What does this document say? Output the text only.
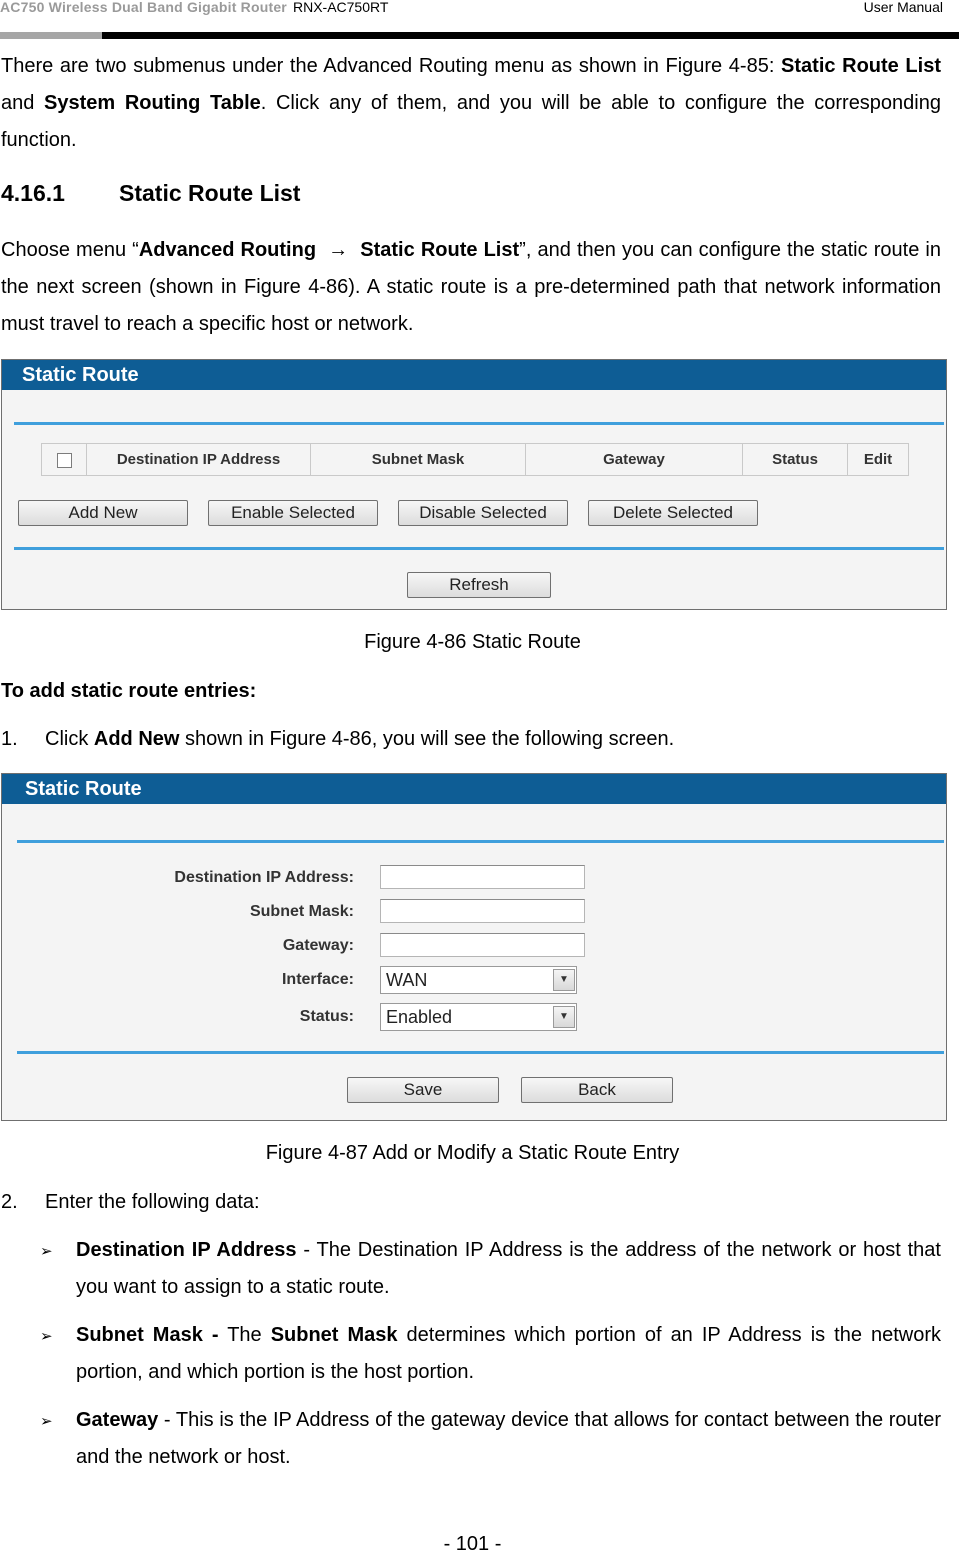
AC750 Wireless Dual Band Gigabit Router RNX-AC750RT	User Manual
There are two submenus under the Advanced Routing menu as shown in Figure 4-85: Static Route List and System Routing Table. Click any of them, and you will be able to configure the corresponding function.
4.16.1 Static Route List
Choose menu “Advanced Routing → Static Route List”, and then you can configure the static route in the next screen (shown in Figure 4-86). A static route is a pre-determined path that network information must travel to reach a specific host or network.
Static Route
	Destination IP Address	Subnet Mask	Gateway	Status	Edit
Add New	Enable Selected	Disable Selected	Delete Selected
Refresh
Figure 4-86 Static Route
To add static route entries:
1. Click Add New shown in Figure 4-86, you will see the following screen.
Static Route
Destination IP Address:
Subnet Mask:
Gateway:
Interface:	WAN	▼
Status:	Enabled	▼
Save	Back
Figure 4-87 Add or Modify a Static Route Entry
2. Enter the following data:
➢ Destination IP Address - The Destination IP Address is the address of the network or host that you want to assign to a static route.
➢ Subnet Mask - The Subnet Mask determines which portion of an IP Address is the network portion, and which portion is the host portion.
➢ Gateway - This is the IP Address of the gateway device that allows for contact between the router and the network or host.
- 101 -
